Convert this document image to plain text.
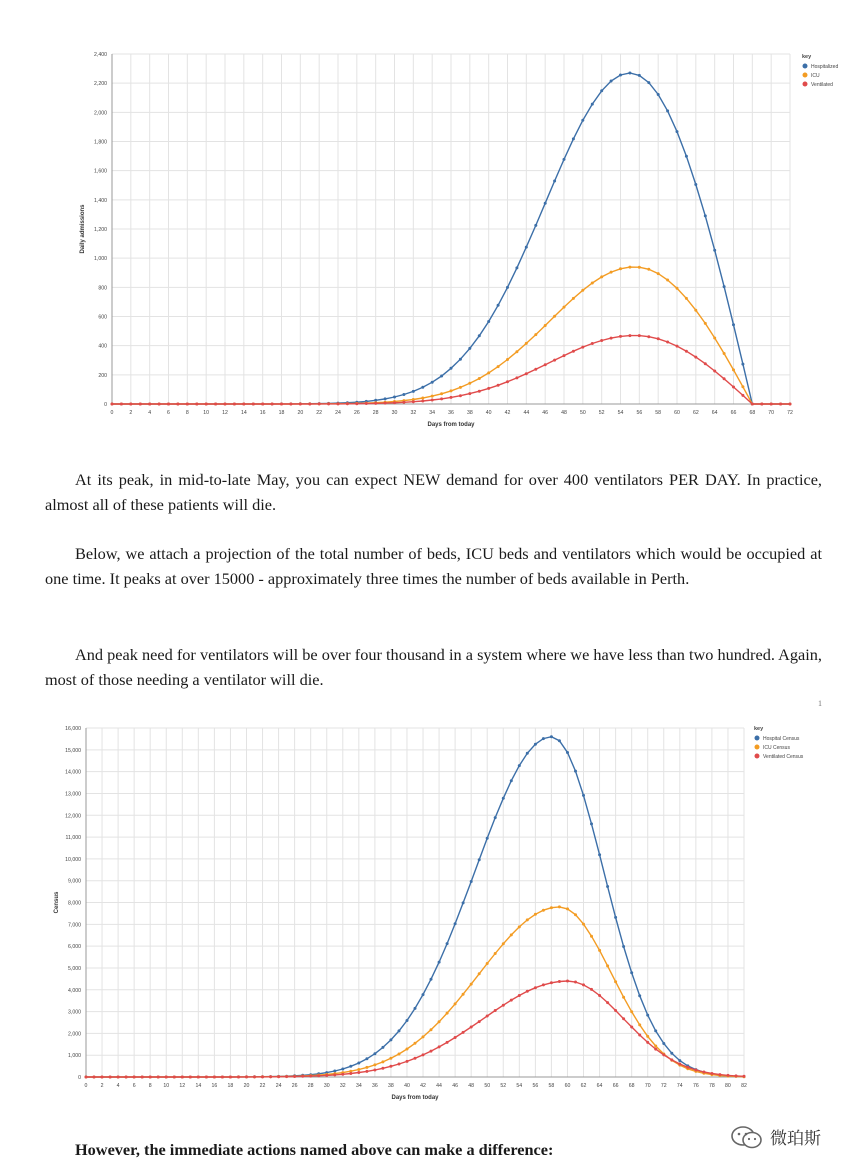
0
200
400
600
800
1,000
1,200
1,400
1,600
1,800
2,000
2,200
2,400
0	2	4	6	8	10	12	14	16	18	20	22	24	26	28	30	32	34	36	38	40	42	44	46	48	50	52	54	56	58	60	62	64	66	68	70	72
Days from today
Daily admissions
Hospitalized
ICU
Ventilated
key

At its peak, in mid-to-late May, you can expect NEW demand for over 400 ventilators PER DAY. In practice, almost all of these patients will die.

Below, we attach a projection of the total number of beds, ICU beds and ventilators which would be occupied at one time. It peaks at over 15000 - approximately three times the number of beds available in Perth.

And peak need for ventilators will be over four thousand in a system where we have less than two hundred. Again, most of those needing a ventilator will die.

1
0
1,000
2,000
3,000
4,000
5,000
6,000
7,000
8,000
9,000
10,000
11,000
12,000
13,000
14,000
15,000
16,000
0	2	4	6	8 10 12 14 16 18 20 22 24 26 28 30 32 34 36 38 40 42 44 46 48 50 52 54 56 58 60 62 64 66 68 70 72 74 76 78 80 82
Days from today
Census
Hospital Census
ICU Census
Ventilated Census
key

However, the immediate actions named above can make a difference:

微珀斯
